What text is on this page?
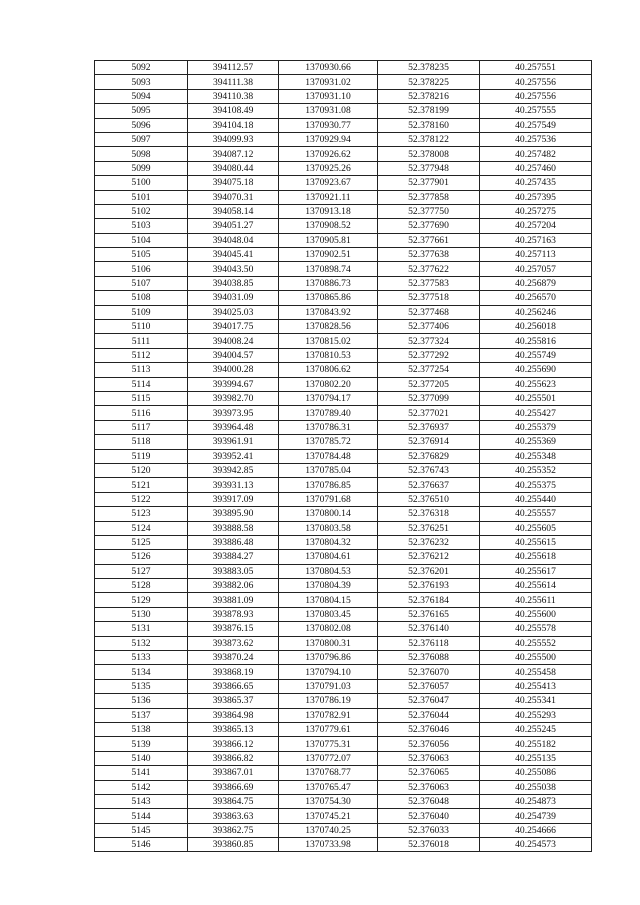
5092	394112.57	1370930.66	52.378235	40.257551
5093	394111.38	1370931.02	52.378225	40.257556
5094	394110.38	1370931.10	52.378216	40.257556
5095	394108.49	1370931.08	52.378199	40.257555
5096	394104.18	1370930.77	52.378160	40.257549
5097	394099.93	1370929.94	52.378122	40.257536
5098	394087.12	1370926.62	52.378008	40.257482
5099	394080.44	1370925.26	52.377948	40.257460
5100	394075.18	1370923.67	52.377901	40.257435
5101	394070.31	1370921.11	52.377858	40.257395
5102	394058.14	1370913.18	52.377750	40.257275
5103	394051.27	1370908.52	52.377690	40.257204
5104	394048.04	1370905.81	52.377661	40.257163
5105	394045.41	1370902.51	52.377638	40.257113
5106	394043.50	1370898.74	52.377622	40.257057
5107	394038.85	1370886.73	52.377583	40.256879
5108	394031.09	1370865.86	52.377518	40.256570
5109	394025.03	1370843.92	52.377468	40.256246
5110	394017.75	1370828.56	52.377406	40.256018
5111	394008.24	1370815.02	52.377324	40.255816
5112	394004.57	1370810.53	52.377292	40.255749
5113	394000.28	1370806.62	52.377254	40.255690
5114	393994.67	1370802.20	52.377205	40.255623
5115	393982.70	1370794.17	52.377099	40.255501
5116	393973.95	1370789.40	52.377021	40.255427
5117	393964.48	1370786.31	52.376937	40.255379
5118	393961.91	1370785.72	52.376914	40.255369
5119	393952.41	1370784.48	52.376829	40.255348
5120	393942.85	1370785.04	52.376743	40.255352
5121	393931.13	1370786.85	52.376637	40.255375
5122	393917.09	1370791.68	52.376510	40.255440
5123	393895.90	1370800.14	52.376318	40.255557
5124	393888.58	1370803.58	52.376251	40.255605
5125	393886.48	1370804.32	52.376232	40.255615
5126	393884.27	1370804.61	52.376212	40.255618
5127	393883.05	1370804.53	52.376201	40.255617
5128	393882.06	1370804.39	52.376193	40.255614
5129	393881.09	1370804.15	52.376184	40.255611
5130	393878.93	1370803.45	52.376165	40.255600
5131	393876.15	1370802.08	52.376140	40.255578
5132	393873.62	1370800.31	52.376118	40.255552
5133	393870.24	1370796.86	52.376088	40.255500
5134	393868.19	1370794.10	52.376070	40.255458
5135	393866.65	1370791.03	52.376057	40.255413
5136	393865.37	1370786.19	52.376047	40.255341
5137	393864.98	1370782.91	52.376044	40.255293
5138	393865.13	1370779.61	52.376046	40.255245
5139	393866.12	1370775.31	52.376056	40.255182
5140	393866.82	1370772.07	52.376063	40.255135
5141	393867.01	1370768.77	52.376065	40.255086
5142	393866.69	1370765.47	52.376063	40.255038
5143	393864.75	1370754.30	52.376048	40.254873
5144	393863.63	1370745.21	52.376040	40.254739
5145	393862.75	1370740.25	52.376033	40.254666
5146	393860.85	1370733.98	52.376018	40.254573
